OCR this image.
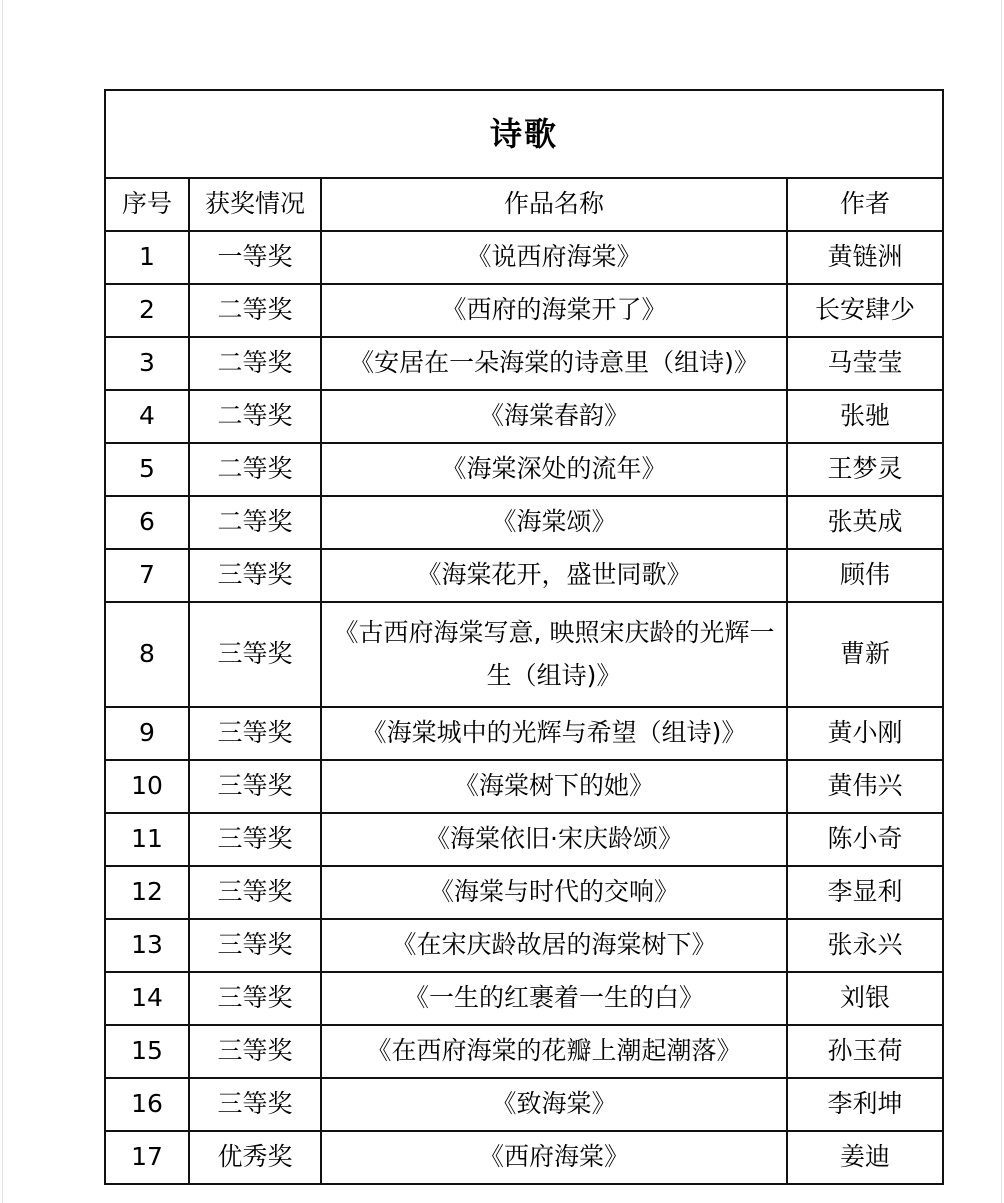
诗歌			
序号	获奖情况	作品名称	作者
1	一等奖	《说西府海棠》	黄链洲
2	二等奖	《西府的海棠开了》	长安肆少
3	二等奖	《安居在一朵海棠的诗意里（组诗)》	马莹莹
4	二等奖	《海棠春韵》	张驰
5	二等奖	《海棠深处的流年》	王梦灵
6	二等奖	《海棠颂》	张英成
7	三等奖	《海棠花开，盛世同歌》	顾伟
8	三等奖	《古西府海棠写意, 映照宋庆龄的光辉一生（组诗)》	曹新
9	三等奖	《海棠城中的光辉与希望（组诗)》	黄小刚
10	三等奖	《海棠树下的她》	黄伟兴
11	三等奖	《海棠依旧·宋庆龄颂》	陈小奇
12	三等奖	《海棠与时代的交响》	李显利
13	三等奖	《在宋庆龄故居的海棠树下》	张永兴
14	三等奖	《一生的红裹着一生的白》	刘银
15	三等奖	《在西府海棠的花瓣上潮起潮落》	孙玉荷
16	三等奖	《致海棠》	李利坤
17	优秀奖	《西府海棠》	姜迪
